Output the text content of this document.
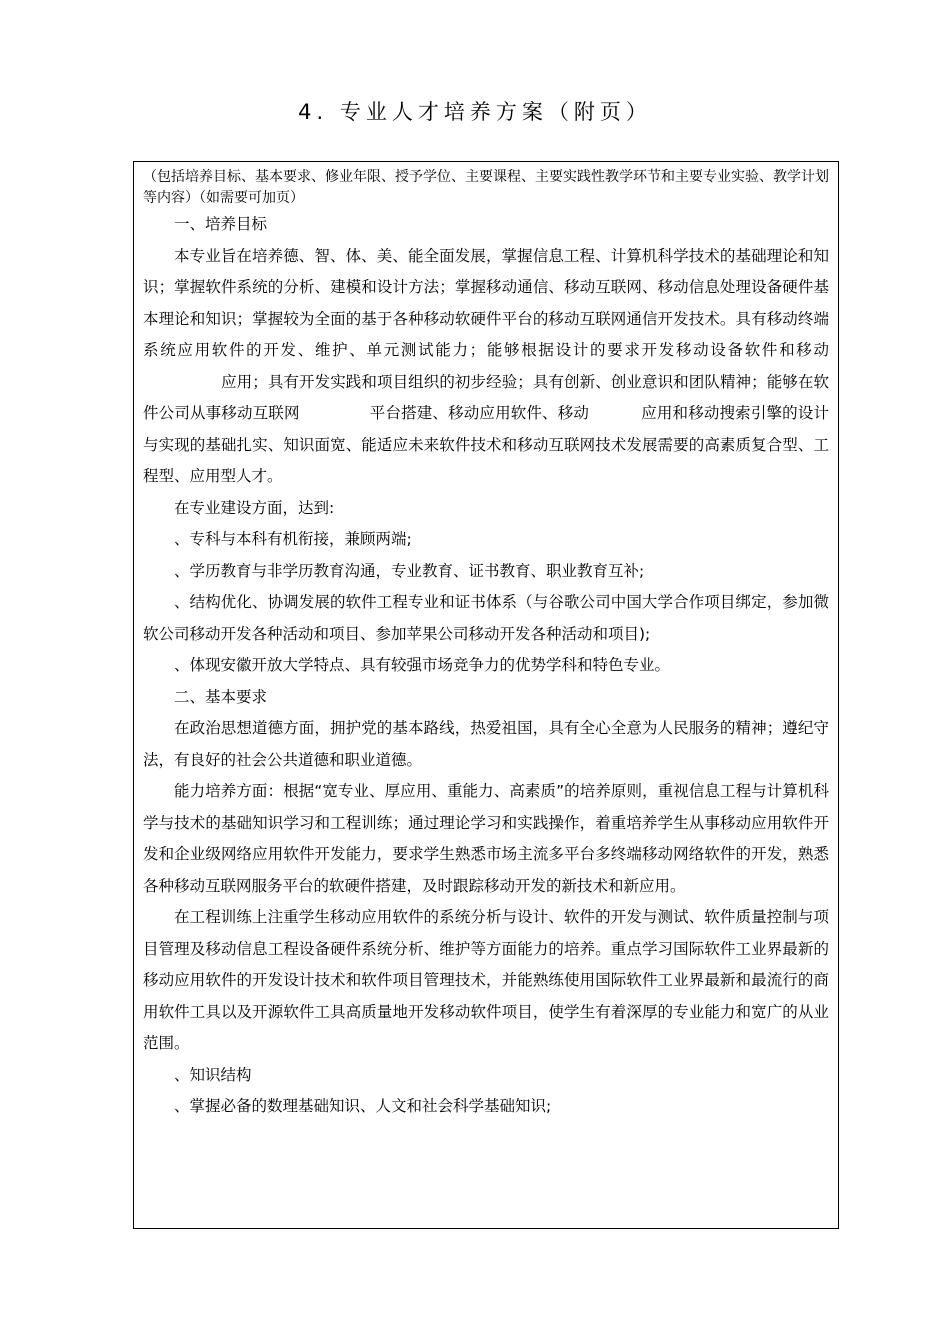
4. 专业人才培养方案（附页）

（包括培养目标、基本要求、修业年限、授予学位、主要课程、主要实践性教学环节和主要专业实验、教学计划等内容）（如需要可加页）

一、培养目标

本专业旨在培养德、智、体、美、能全面发展，掌握信息工程、计算机科学技术的基础理论和知识；掌握软件系统的分析、建模和设计方法；掌握移动通信、移动互联网、移动信息处理设备硬件基本理论和知识；掌握较为全面的基于各种移动软硬件平台的移动互联网通信开发技术。具有移动终端系统应用软件的开发、维护、单元测试能力；能够根据设计的要求开发移动设备软件和移动应用；具有开发实践和项目组织的初步经验；具有创新、创业意识和团队精神；能够在软件公司从事移动互联网	平台搭建、移动应用软件、移动	应用和移动搜索引擎的设计与实现的基础扎实、知识面宽、能适应未来软件技术和移动互联网技术发展需要的高素质复合型、工程型、应用型人才。

在专业建设方面，达到:

、专科与本科有机衔接，兼顾两端;

、学历教育与非学历教育沟通，专业教育、证书教育、职业教育互补;

、结构优化、协调发展的软件工程专业和证书体系（与谷歌公司中国大学合作项目绑定，参加微软公司移动开发各种活动和项目、参加苹果公司移动开发各种活动和项目);

、体现安徽开放大学特点、具有较强市场竞争力的优势学科和特色专业。

二、基本要求

在政治思想道德方面，拥护党的基本路线，热爱祖国，具有全心全意为人民服务的精神；遵纪守法，有良好的社会公共道德和职业道德。

能力培养方面：根据“宽专业、厚应用、重能力、高素质”的培养原则，重视信息工程与计算机科学与技术的基础知识学习和工程训练；通过理论学习和实践操作，着重培养学生从事移动应用软件开发和企业级网络应用软件开发能力，要求学生熟悉市场主流多平台多终端移动网络软件的开发，熟悉各种移动互联网服务平台的软硬件搭建，及时跟踪移动开发的新技术和新应用。

在工程训练上注重学生移动应用软件的系统分析与设计、软件的开发与测试、软件质量控制与项目管理及移动信息工程设备硬件系统分析、维护等方面能力的培养。重点学习国际软件工业界最新的移动应用软件的开发设计技术和软件项目管理技术，并能熟练使用国际软件工业界最新和最流行的商用软件工具以及开源软件工具高质量地开发移动软件项目，使学生有着深厚的专业能力和宽广的从业范围。

、知识结构

、掌握必备的数理基础知识、人文和社会科学基础知识;
